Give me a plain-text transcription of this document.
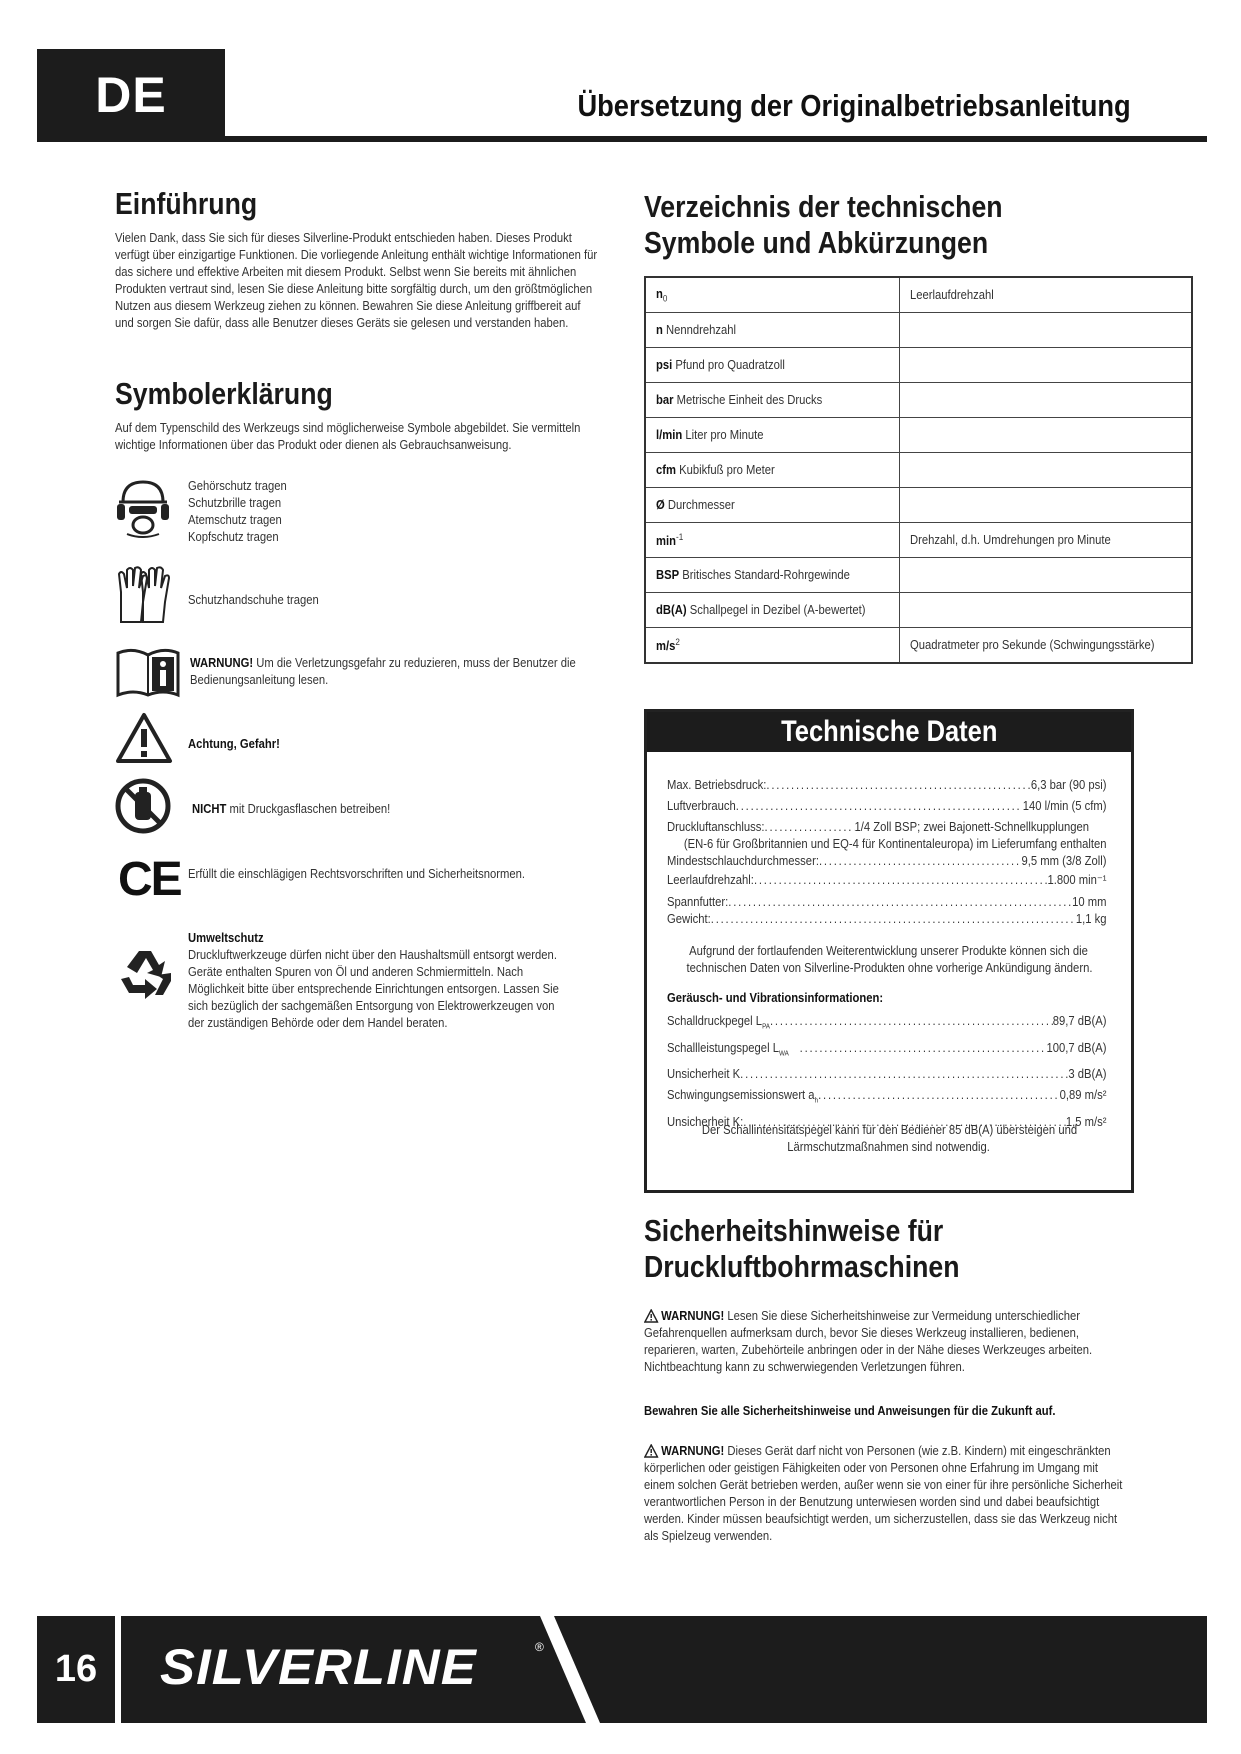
DE	Übersetzung der Originalbetriebsanleitung
Einführung
Vielen Dank, dass Sie sich für dieses Silverline-Produkt entschieden haben. Dieses Produkt verfügt über einzigartige Funktionen. Die vorliegende Anleitung enthält wichtige Informationen für das sichere und effektive Arbeiten mit diesem Produkt. Selbst wenn Sie bereits mit ähnlichen Produkten vertraut sind, lesen Sie diese Anleitung bitte sorgfältig durch, um den größtmöglichen Nutzen aus diesem Werkzeug ziehen zu können. Bewahren Sie diese Anleitung griffbereit auf und sorgen Sie dafür, dass alle Benutzer dieses Geräts sie gelesen und verstanden haben.
Symbolerklärung
Auf dem Typenschild des Werkzeugs sind möglicherweise Symbole abgebildet. Sie vermitteln wichtige Informationen über das Produkt oder dienen als Gebrauchsanweisung.
Gehörschutz tragen
Schutzbrille tragen
Atemschutz tragen
Kopfschutz tragen
Schutzhandschuhe tragen
WARNUNG! Um die Verletzungsgefahr zu reduzieren, muss der Benutzer die
Bedienungsanleitung lesen.
Achtung, Gefahr!
NICHT mit Druckgasflaschen betreiben!
CE Erfüllt die einschlägigen Rechtsvorschriften und Sicherheitsnormen.
Umweltschutz
Druckluftwerkzeuge dürfen nicht über den Haushaltsmüll entsorgt werden. Geräte enthalten Spuren von Öl und anderen Schmiermitteln. Nach Möglichkeit bitte über entsprechende Einrichtungen entsorgen. Lassen Sie sich bezüglich der sachgemäßen Entsorgung von Elektrowerkzeugen von der zuständigen Behörde oder dem Handel beraten.
Verzeichnis der technischen
Symbole und Abkürzungen
$n_0$	Leerlaufdrehzahl
n Nenndrehzahl	
psi Pfund pro Quadratzoll	
bar Metrische Einheit des Drucks	
l/min Liter pro Minute	
cfm Kubikfuß pro Meter	
Ø Durchmesser	
$\min^{-1}$	Drehzahl, d.h. Umdrehungen pro Minute
BSP Britisches Standard-Rohrgewinde	
dB(A) Schallpegel in Dezibel (A-bewertet)	
$m/s^2$	Quadratmeter pro Sekunde (Schwingungsstärke)
Technische Daten
Max. Betriebsdruck: .....	6,3 bar (90 psi)
Luftverbrauch .....	140 l/min (5 cfm)
Druckluftanschluss: .....	1/4 Zoll BSP; zwei Bajonett-Schnellkupplungen
(EN-6 für Großbritannien und EQ-4 für Kontinentaleuropa) im Lieferumfang enthalten
Mindestschlauchdurchmesser: .....	9,5 mm (3/8 Zoll)
Leerlaufdrehzahl: .....	1.800 min⁻¹
Spannfutter: .....	10 mm
Gewicht: .....	1,1 kg
Aufgrund der fortlaufenden Weiterentwicklung unserer Produkte können sich die
technischen Daten von Silverline-Produkten ohne vorherige Ankündigung ändern.
Geräusch- und Vibrationsinformationen:
Schalldruckpegel $L_{PA}$ .....	89,7 dB(A)
Schallleistungspegel $L_{WA}$ .....	100,7 dB(A)
Unsicherheit K .....	3 dB(A)
Schwingungsemissionswert $a_h$ .....	0,89 m/s²
Unsicherheit K: .....	1,5 m/s²
Der Schallintensitätspegel kann für den Bediener 85 dB(A) übersteigen und
Lärmschutzmaßnahmen sind notwendig.
Sicherheitshinweise für
Druckluftbohrmaschinen
WARNUNG! Lesen Sie diese Sicherheitshinweise zur Vermeidung unterschiedlicher Gefahrenquellen aufmerksam durch, bevor Sie dieses Werkzeug installieren, bedienen, reparieren, warten, Zubehörteile anbringen oder in der Nähe dieses Werkzeuges arbeiten. Nichtbeachtung kann zu schwerwiegenden Verletzungen führen.
Bewahren Sie alle Sicherheitshinweise und Anweisungen für die Zukunft auf.
WARNUNG! Dieses Gerät darf nicht von Personen (wie z.B. Kindern) mit eingeschränkten körperlichen oder geistigen Fähigkeiten oder von Personen ohne Erfahrung im Umgang mit einem solchen Gerät betrieben werden, außer wenn sie von einer für ihre persönliche Sicherheit verantwortlichen Person in der Benutzung unterwiesen worden sind und dabei beaufsichtigt werden. Kinder müssen beaufsichtigt werden, um sicherzustellen, dass sie das Werkzeug nicht als Spielzeug verwenden.
16	SILVERLINE	®
